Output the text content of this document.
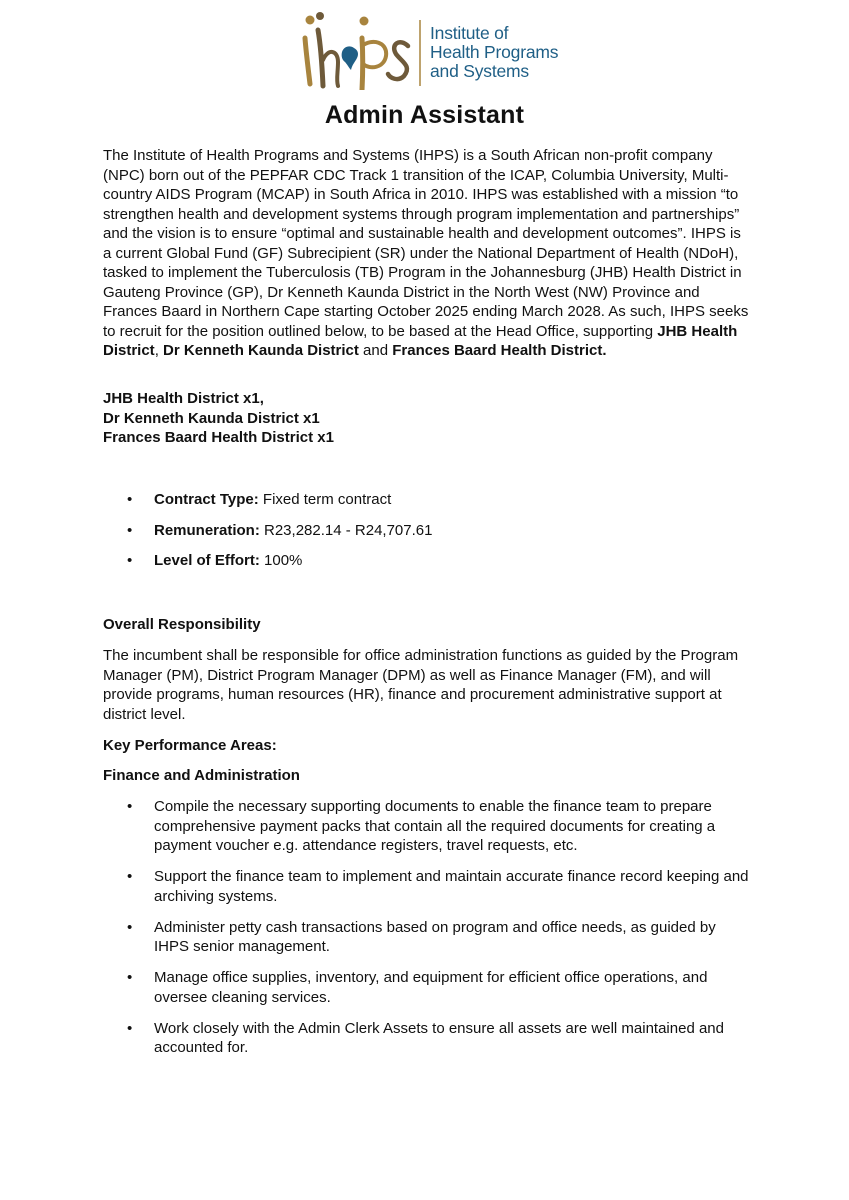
Institute of
Health Programs
and Systems
Admin Assistant

The Institute of Health Programs and Systems (IHPS) is a South African non-profit company (NPC) born out of the PEPFAR CDC Track 1 transition of the ICAP, Columbia University, Multi-country AIDS Program (MCAP) in South Africa in 2010. IHPS was established with a mission “to strengthen health and development systems through program implementation and partnerships” and the vision is to ensure “optimal and sustainable health and development outcomes”. IHPS is a current Global Fund (GF) Subrecipient (SR) under the National Department of Health (NDoH), tasked to implement the Tuberculosis (TB) Program in the Johannesburg (JHB) Health District in Gauteng Province (GP), Dr Kenneth Kaunda District in the North West (NW) Province and Frances Baard in Northern Cape starting October 2025 ending March 2028. As such, IHPS seeks to recruit for the position outlined below, to be based at the Head Office, supporting JHB Health District, Dr Kenneth Kaunda District and Frances Baard Health District.

JHB Health District x1,
Dr Kenneth Kaunda District x1
Frances Baard Health District x1
• Contract Type: Fixed term contract
• Remuneration: R23,282.14 - R24,707.61
• Level of Effort: 100%
Overall Responsibility
The incumbent shall be responsible for office administration functions as guided by the Program Manager (PM), District Program Manager (DPM) as well as Finance Manager (FM), and will provide programs, human resources (HR), finance and procurement administrative support at district level.
Key Performance Areas:
Finance and Administration
• Compile the necessary supporting documents to enable the finance team to prepare comprehensive payment packs that contain all the required documents for creating a payment voucher e.g. attendance registers, travel requests, etc.
• Support the finance team to implement and maintain accurate finance record keeping and archiving systems.
• Administer petty cash transactions based on program and office needs, as guided by IHPS senior management.
• Manage office supplies, inventory, and equipment for efficient office operations, and oversee cleaning services.
• Work closely with the Admin Clerk Assets to ensure all assets are well maintained and accounted for.
